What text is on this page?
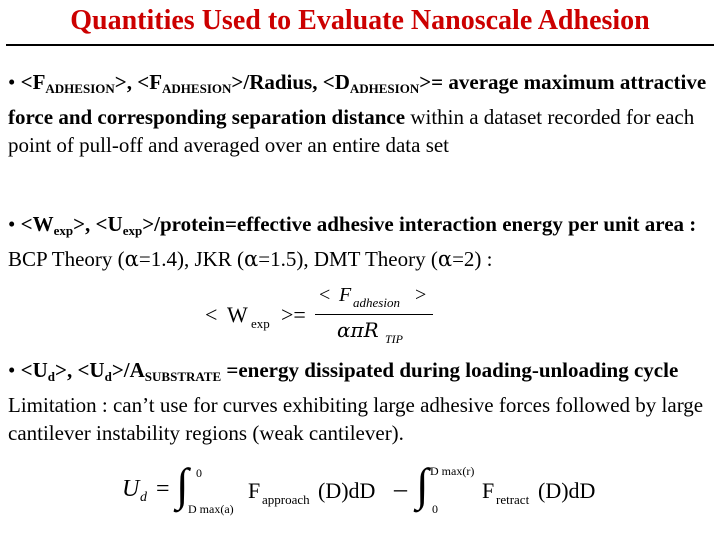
Quantities Used to Evaluate Nanoscale Adhesion

• $<F_{ADHESION}>$, $<F_{ADHESION}>$/Radius, $<D_{ADHESION}>=$ average maximum attractive force and corresponding separation distance within a dataset recorded for each point of pull-off and averaged over an entire data set

• $<W_{exp}>$, $<U_{exp}>/protein=effective$ adhesive interaction energy per unit area : BCP Theory (α=1.4), JKR (α=1.5), DMT Theory (α=2) :

< W exp >=
< F adhesion >
απR TIP

• $<U_d>$, $<U_d>/A_{SUBSTRATE}$ =energy dissipated during loading-unloading cycle Limitation : can’t use for curves exhibiting large adhesive forces followed by large cantilever instability regions (weak cantilever).

U d = ∫ 0
D max(a)
F approach (D)dD – ∫ D max(r)
0
F retract (D)dD
